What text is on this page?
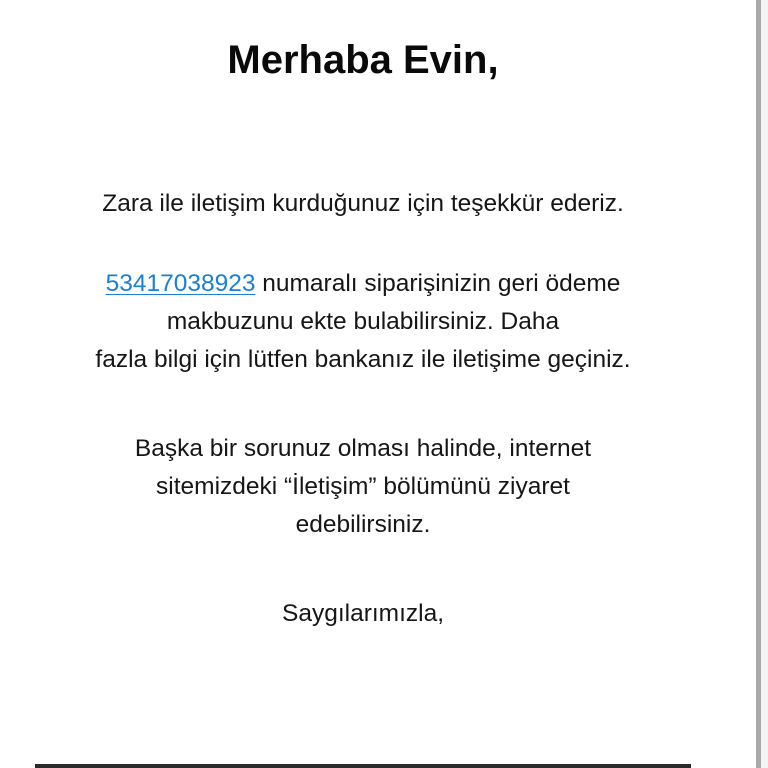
Merhaba Evin,

Zara ile iletişim kurduğunuz için teşekkür ederiz.

53417038923 numaralı siparişinizin geri ödeme
makbuzunu ekte bulabilirsiniz. Daha
fazla bilgi için lütfen bankanız ile iletişime geçiniz.

Başka bir sorunuz olması halinde, internet
sitemizdeki “İletişim” bölümünü ziyaret
edebilirsiniz.

Saygılarımızla,
